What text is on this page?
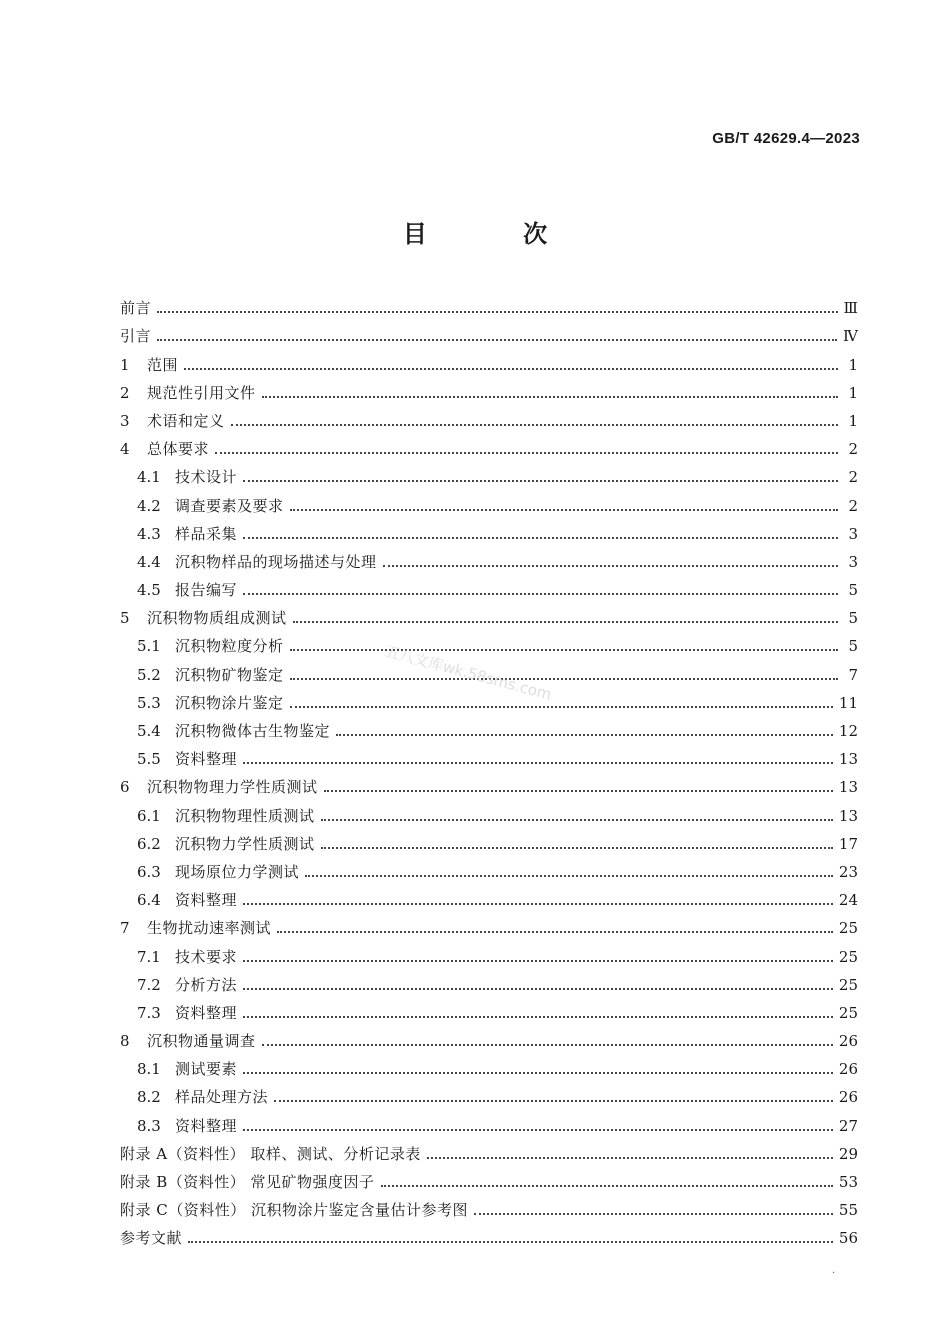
GB/T 42629.4—2023
目 次
前言	Ⅲ
引言	Ⅳ
1	范围	1
2	规范性引用文件	1
3	术语和定义	1
4	总体要求	2
4.1 技术设计	2
4.2 调查要素及要求	2
4.3 样品采集	3
4.4 沉积物样品的现场描述与处理	3
4.5 报告编写	5
5	沉积物物质组成测试	5
5.1 沉积物粒度分析	5
5.2 沉积物矿物鉴定	7
5.3 沉积物涂片鉴定	11
5.4 沉积物微体古生物鉴定	12
5.5 资料整理	13
6	沉积物物理力学性质测试	13
6.1 沉积物物理性质测试	13
6.2 沉积物力学性质测试	17
6.3 现场原位力学测试	23
6.4 资料整理	24
7	生物扰动速率测试	25
7.1 技术要求	25
7.2 分析方法	25
7.3 资料整理	25
8	沉积物通量调查	26
8.1 测试要素	26
8.2 样品处理方法	26
8.3 资料整理	27
附录 A（资料性） 取样、测试、分析记录表	29
附录 B（资料性） 常见矿物强度因子	53
附录 C（资料性） 沉积物涂片鉴定含量估计参考图	55
参考文献	56
五八文库wk.58sms.com
·
